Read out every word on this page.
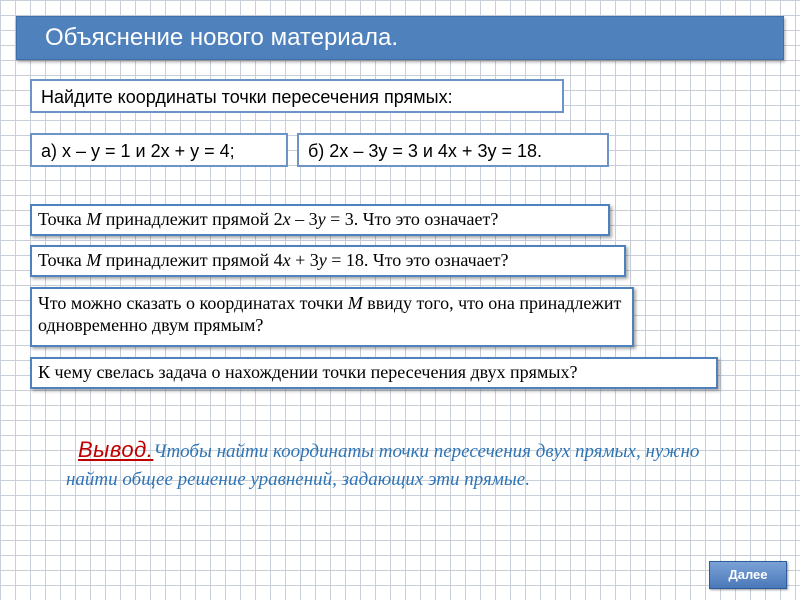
Объяснение нового материала.
Найдите координаты точки пересечения прямых:
а) x – y = 1 и 2x + y = 4;	б) 2x – 3y = 3 и 4x + 3y = 18.
Точка M принадлежит прямой 2x – 3y = 3. Что это означает?
Точка M принадлежит прямой 4x + 3y = 18. Что это означает?
Что можно сказать о координатах точки M ввиду того, что она принадлежит одновременно двум прямым?
К чему свелась задача о нахождении точки пересечения двух прямых?
Вывод.Чтобы найти координаты точки пересечения двух прямых, нужно найти общее решение уравнений, задающих эти прямые.
Далее
